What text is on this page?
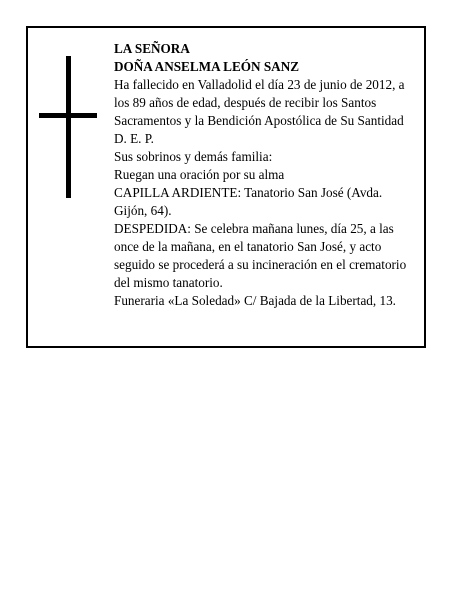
LA SEÑORA

DOÑA ANSELMA LEÓN SANZ

Ha fallecido en Valladolid el día 23 de junio de 2012, a
los 89 años de edad, después de recibir los Santos
Sacramentos y la Bendición Apostólica de Su Santidad
D. E. P.

Sus sobrinos y demás familia:

Ruegan una oración por su alma

CAPILLA ARDIENTE: Tanatorio San José (Avda.
Gijón, 64).

DESPEDIDA: Se celebra mañana lunes, día 25, a las
once de la mañana, en el tanatorio San José, y acto
seguido se procederá a su incineración en el crematorio
del mismo tanatorio.

Funeraria «La Soledad» C/ Bajada de la Libertad, 13.
